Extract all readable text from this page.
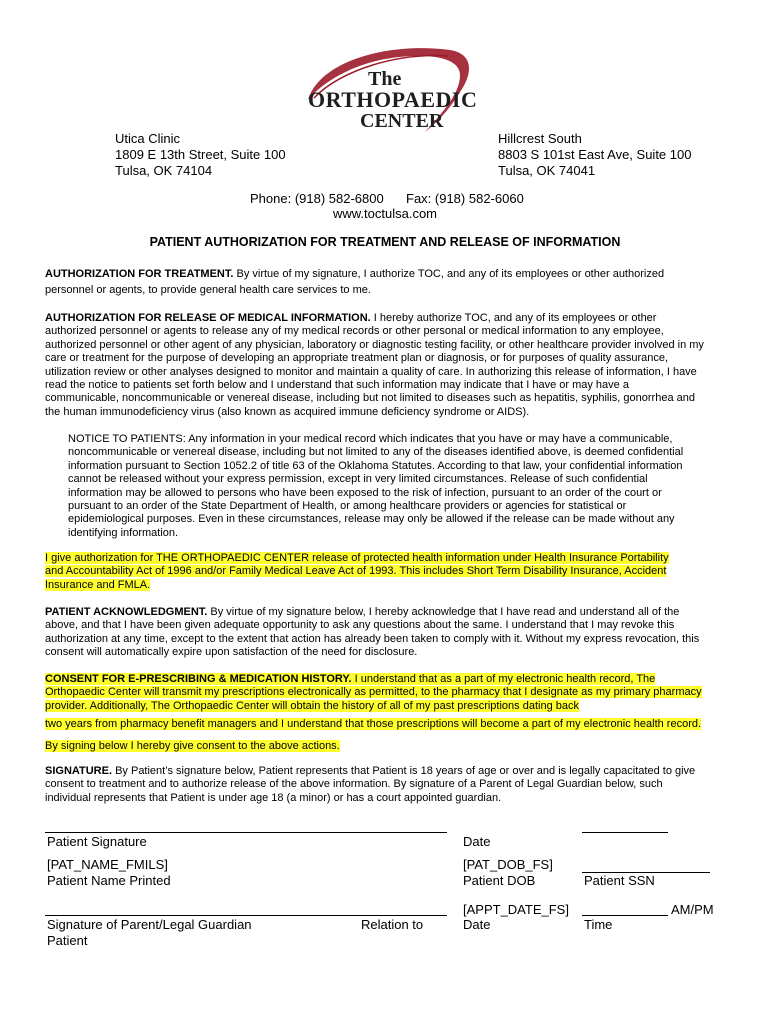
The
ORTHOPAEDIC
CENTER
Utica Clinic
1809 E 13th Street, Suite 100
Tulsa, OK 74104
Hillcrest South
8803 S 101st East Ave, Suite 100
Tulsa, OK 74041
Phone: (918) 582-6800 Fax: (918) 582-6060
www.toctulsa.com
PATIENT AUTHORIZATION FOR TREATMENT AND RELEASE OF INFORMATION
AUTHORIZATION FOR TREATMENT. By virtue of my signature, I authorize TOC, and any of its employees or other authorized
personnel or agents, to provide general health care services to me.
AUTHORIZATION FOR RELEASE OF MEDICAL INFORMATION. I hereby authorize TOC, and any of its employees or other
authorized personnel or agents to release any of my medical records or other personal or medical information to any employee,
authorized personnel or other agent of any physician, laboratory or diagnostic testing facility, or other healthcare provider involved in my
care or treatment for the purpose of developing an appropriate treatment plan or diagnosis, or for purposes of quality assurance,
utilization review or other analyses designed to monitor and maintain a quality of care. In authorizing this release of information, I have
read the notice to patients set forth below and I understand that such information may indicate that I have or may have a
communicable, noncommunicable or venereal disease, including but not limited to diseases such as hepatitis, syphilis, gonorrhea and
the human immunodeficiency virus (also known as acquired immune deficiency syndrome or AIDS).
NOTICE TO PATIENTS: Any information in your medical record which indicates that you have or may have a communicable,
noncommunicable or venereal disease, including but not limited to any of the diseases identified above, is deemed confidential
information pursuant to Section 1052.2 of title 63 of the Oklahoma Statutes. According to that law, your confidential information
cannot be released without your express permission, except in very limited circumstances. Release of such confidential
information may be allowed to persons who have been exposed to the risk of infection, pursuant to an order of the court or
pursuant to an order of the State Department of Health, or among healthcare providers or agencies for statistical or
epidemiological purposes. Even in these circumstances, release may only be allowed if the release can be made without any
identifying information.
I give authorization for THE ORTHOPAEDIC CENTER release of protected health information under Health Insurance Portability
and Accountability Act of 1996 and/or Family Medical Leave Act of 1993. This includes Short Term Disability Insurance, Accident
Insurance and FMLA.
PATIENT ACKNOWLEDGMENT. By virtue of my signature below, I hereby acknowledge that I have read and understand all of the
above, and that I have been given adequate opportunity to ask any questions about the same. I understand that I may revoke this
authorization at any time, except to the extent that action has already been taken to comply with it. Without my express revocation, this
consent will automatically expire upon satisfaction of the need for disclosure.
CONSENT FOR E-PRESCRIBING & MEDICATION HISTORY. I understand that as a part of my electronic health record, The
Orthopaedic Center will transmit my prescriptions electronically as permitted, to the pharmacy that I designate as my primary pharmacy
provider. Additionally, The Orthopaedic Center will obtain the history of all of my past prescriptions dating back
two years from pharmacy benefit managers and I understand that those prescriptions will become a part of my electronic health record.
By signing below I hereby give consent to the above actions.
SIGNATURE. By Patient’s signature below, Patient represents that Patient is 18 years of age or over and is legally capacitated to give
consent to treatment and to authorize release of the above information. By signature of a Parent of Legal Guardian below, such
individual represents that Patient is under age 18 (a minor) or has a court appointed guardian.
Patient Signature	Date
[PAT_NAME_FMILS]	[PAT_DOB_FS]
Patient Name Printed	Patient DOB	Patient SSN
[APPT_DATE_FS]	AM/PM
Signature of Parent/Legal Guardian	Relation to	Date	Time
Patient
